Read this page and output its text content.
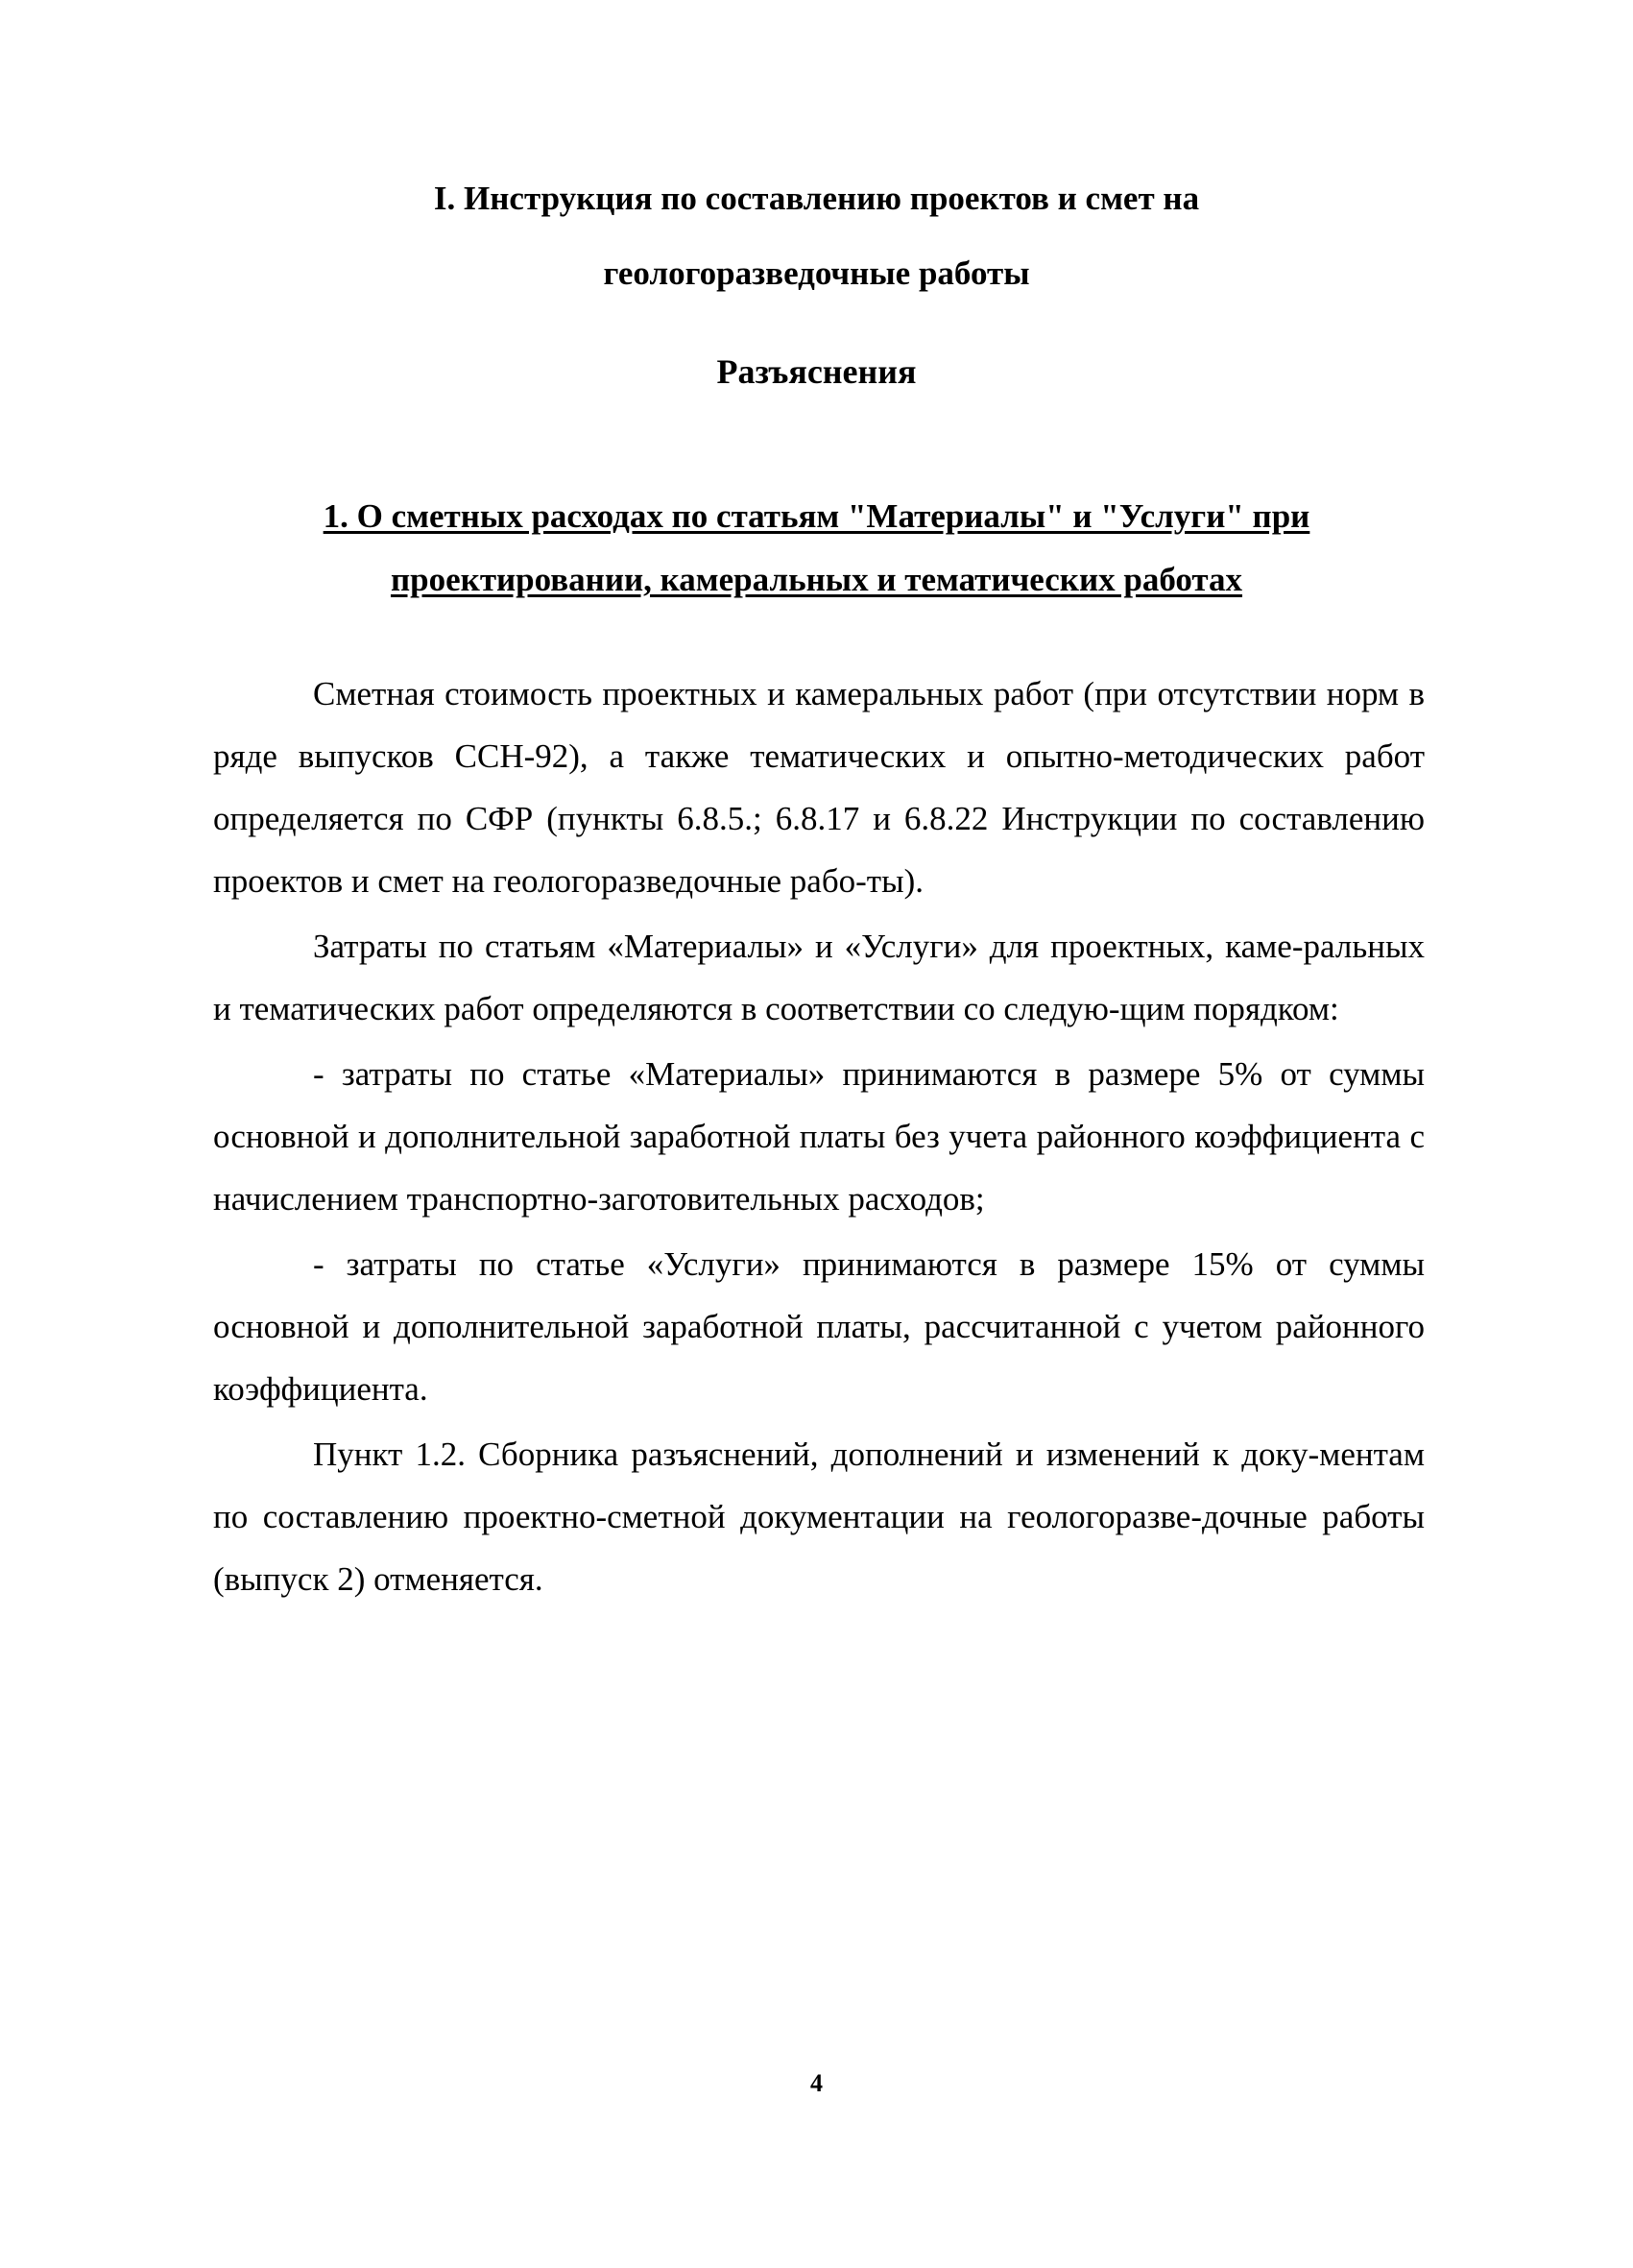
I. Инструкция по составлению проектов и смет на
геологоразведочные работы
Разъяснения
1. О сметных расходах по статьям "Материалы" и "Услуги" при
проектировании, камеральных и тематических работах

Сметная стоимость проектных и камеральных работ (при отсутствии норм в ряде выпусков ССН-92), а также тематических и опытно-методических работ определяется по СФР (пункты 6.8.5.; 6.8.17 и 6.8.22 Инструкции по составлению проектов и смет на геологоразведочные рабо-ты).

Затраты по статьям «Материалы» и «Услуги» для проектных, каме-ральных и тематических работ определяются в соответствии со следую-щим порядком:

- затраты по статье «Материалы» принимаются в размере 5% от суммы основной и дополнительной заработной платы без учета районного коэффициента с начислением транспортно-заготовительных расходов;

- затраты по статье «Услуги» принимаются в размере 15% от суммы основной и дополнительной заработной платы, рассчитанной с учетом районного коэффициента.

Пункт 1.2. Сборника разъяснений, дополнений и изменений к доку-ментам по составлению проектно-сметной документации на геологоразве-дочные работы (выпуск 2) отменяется.

4
